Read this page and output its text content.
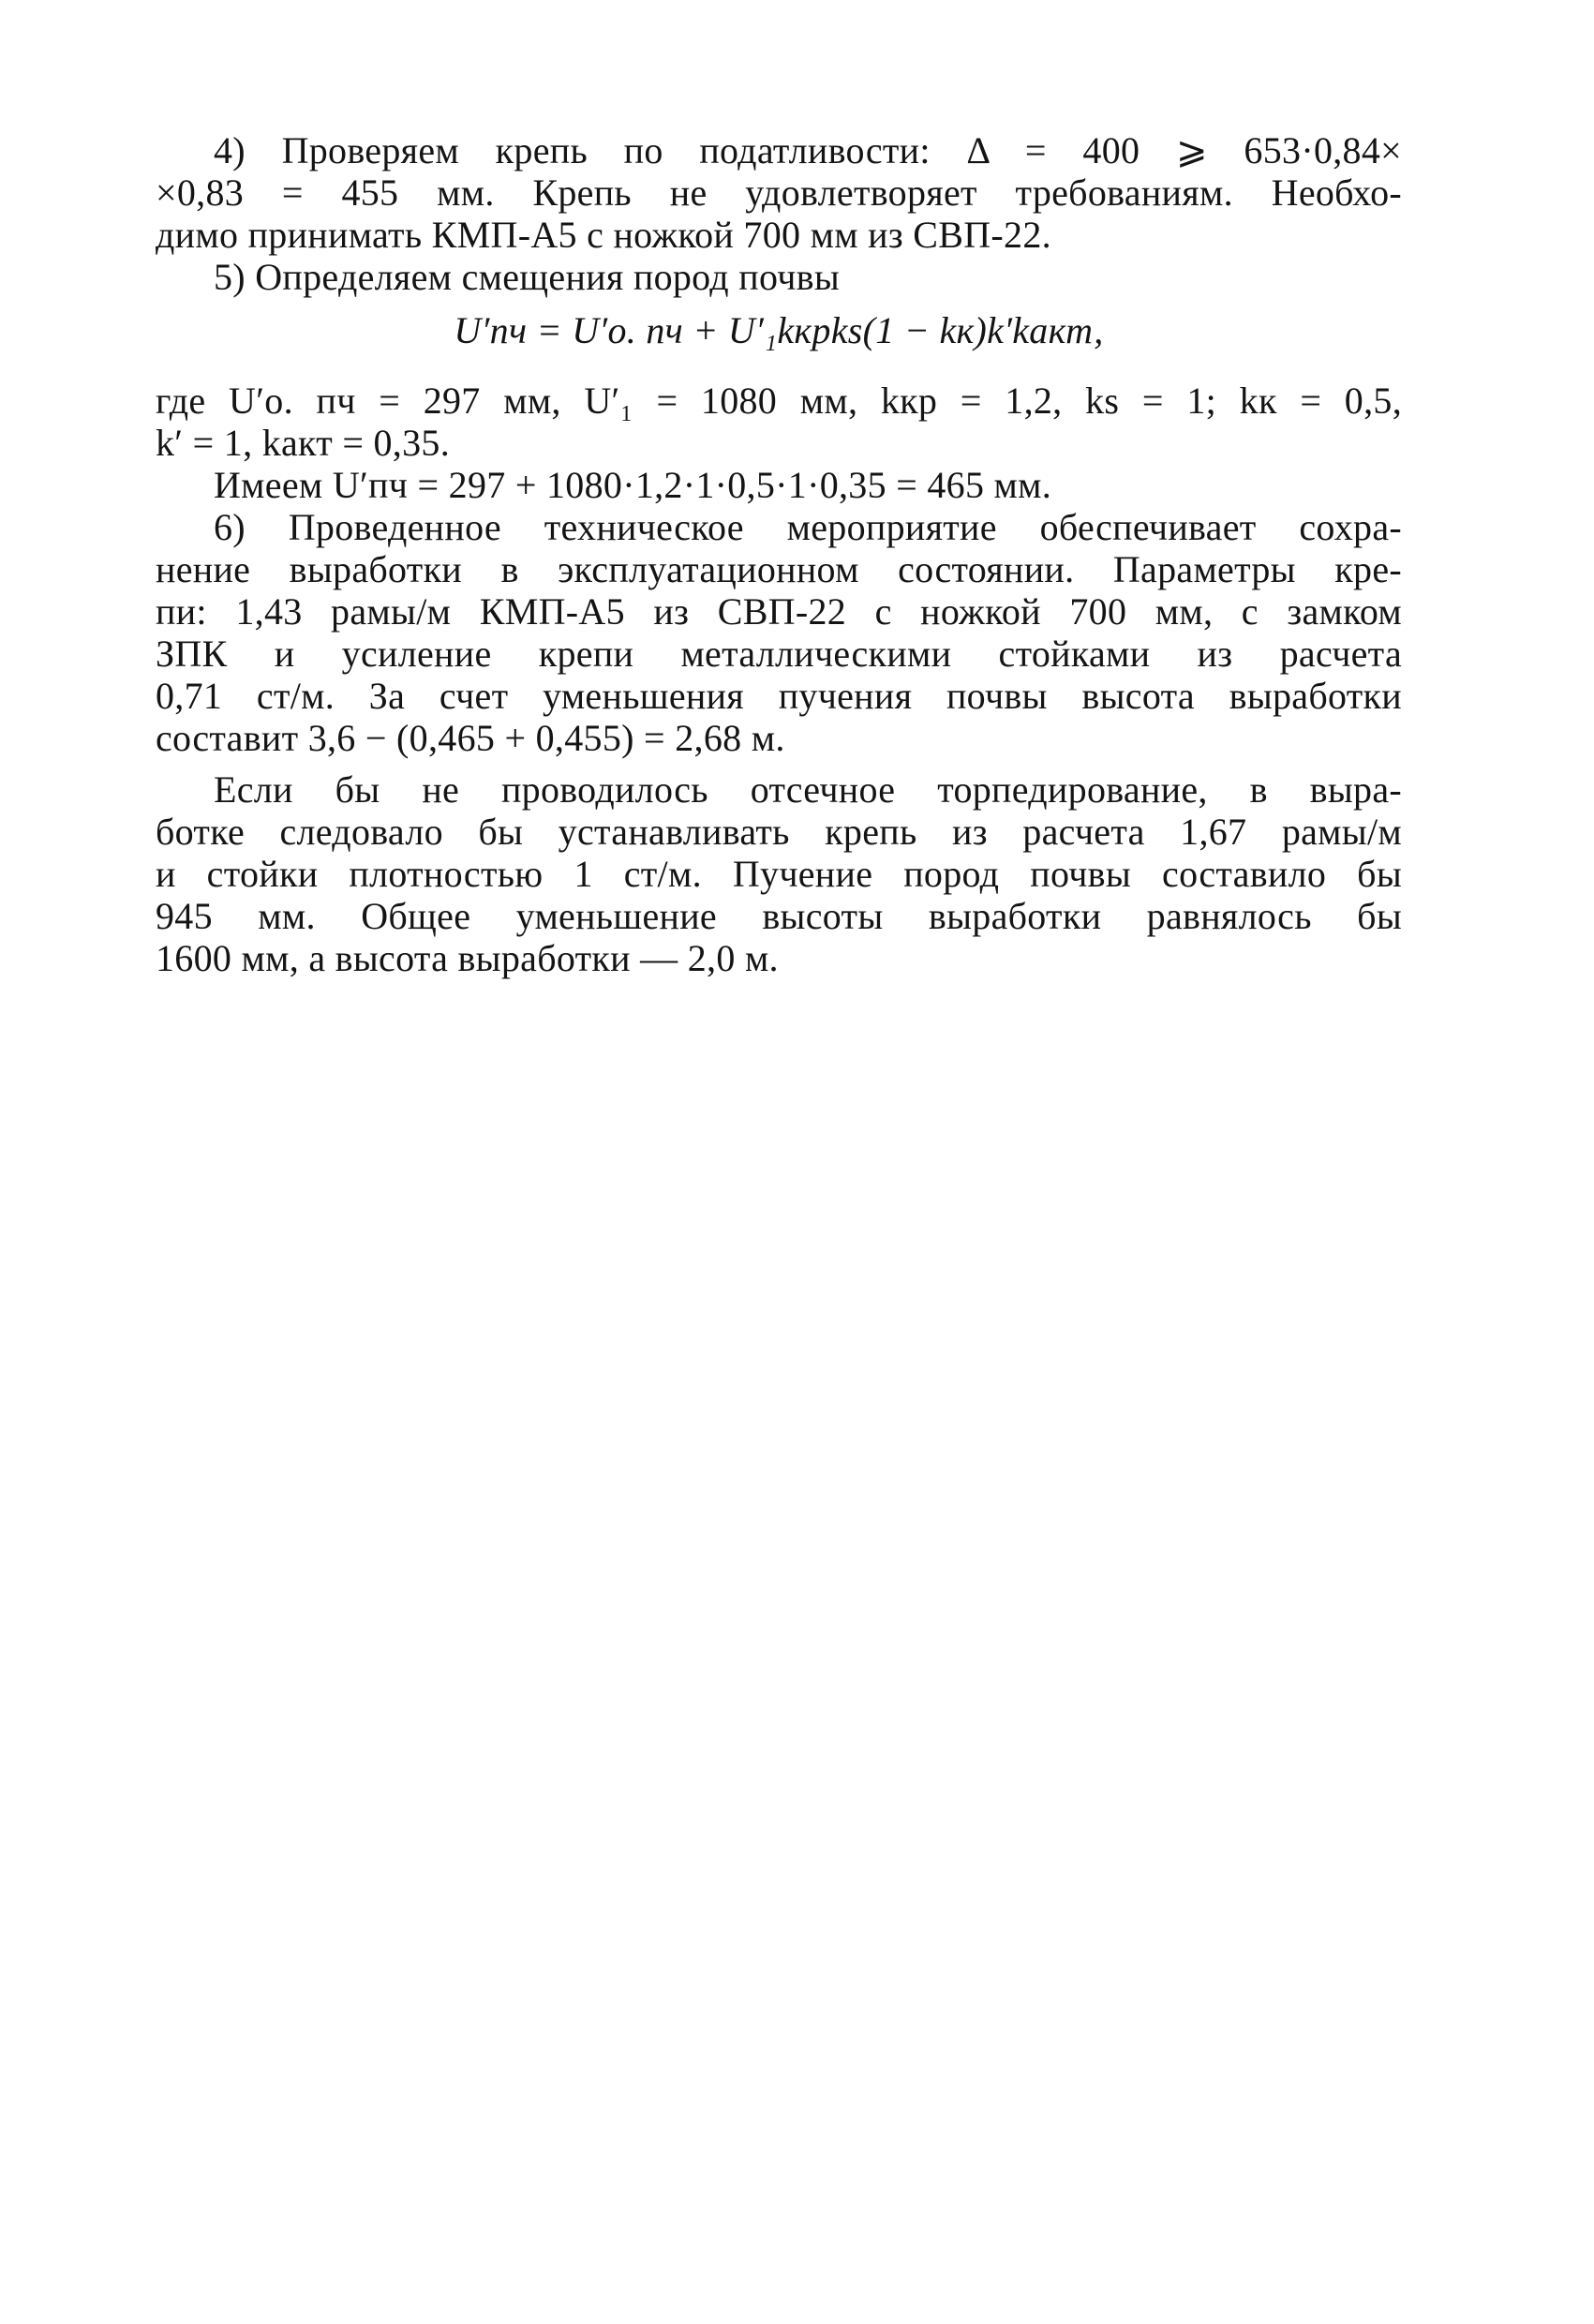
4) Проверяем крепь по податливости: Δ = 400 ⩾ 653·0,84×
×0,83 = 455 мм. Крепь не удовлетворяет требованиям. Необхо-
димо принимать КМП-А5 с ножкой 700 мм из СВП-22.
5) Определяем смещения пород почвы
U′пч = U′о. пч + U′₁kкрks(1 − kк)k′kакт,
где U′о. пч = 297 мм, U′₁ = 1080 мм, kкр = 1,2, ks = 1; kк = 0,5,
k′ = 1, kакт = 0,35.
Имеем U′пч = 297 + 1080·1,2·1·0,5·1·0,35 = 465 мм.
6) Проведенное техническое мероприятие обеспечивает сохра-
нение выработки в эксплуатационном состоянии. Параметры кре-
пи: 1,43 рамы/м КМП-А5 из СВП-22 с ножкой 700 мм, с замком
ЗПК и усиление крепи металлическими стойками из расчета
0,71 ст/м. За счет уменьшения пучения почвы высота выработки
составит 3,6 − (0,465 + 0,455) = 2,68 м.
Если бы не проводилось отсечное торпедирование, в выра-
ботке следовало бы устанавливать крепь из расчета 1,67 рамы/м
и стойки плотностью 1 ст/м. Пучение пород почвы составило бы
945 мм. Общее уменьшение высоты выработки равнялось бы
1600 мм, а высота выработки — 2,0 м.
